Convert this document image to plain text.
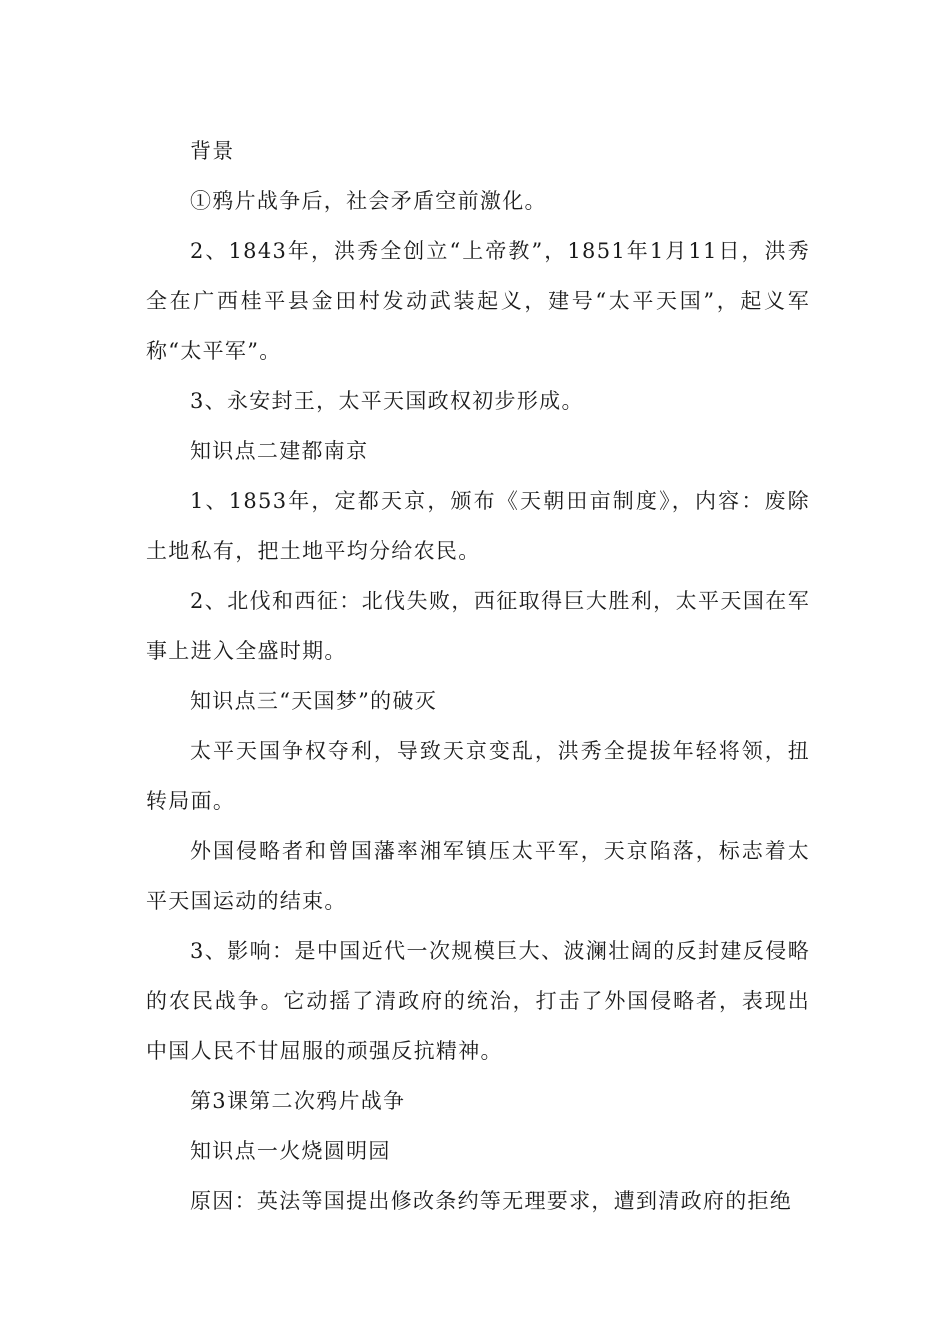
背景

①鸦片战争后，社会矛盾空前激化。

2、1843年，洪秀全创立“上帝教”，1851年1月11日，洪秀全在广西桂平县金田村发动武装起义，建号“太平天国”，起义军称“太平军”。

3、永安封王，太平天国政权初步形成。

知识点二建都南京

1、1853年，定都天京，颁布《天朝田亩制度》，内容：废除土地私有，把土地平均分给农民。

2、北伐和西征：北伐失败，西征取得巨大胜利，太平天国在军事上进入全盛时期。

知识点三“天国梦”的破灭

太平天国争权夺利，导致天京变乱，洪秀全提拔年轻将领，扭转局面。

外国侵略者和曾国藩率湘军镇压太平军，天京陷落，标志着太平天国运动的结束。

3、影响：是中国近代一次规模巨大、波澜壮阔的反封建反侵略的农民战争。它动摇了清政府的统治，打击了外国侵略者，表现出中国人民不甘屈服的顽强反抗精神。

第3课第二次鸦片战争

知识点一火烧圆明园

原因：英法等国提出修改条约等无理要求，遭到清政府的拒绝
